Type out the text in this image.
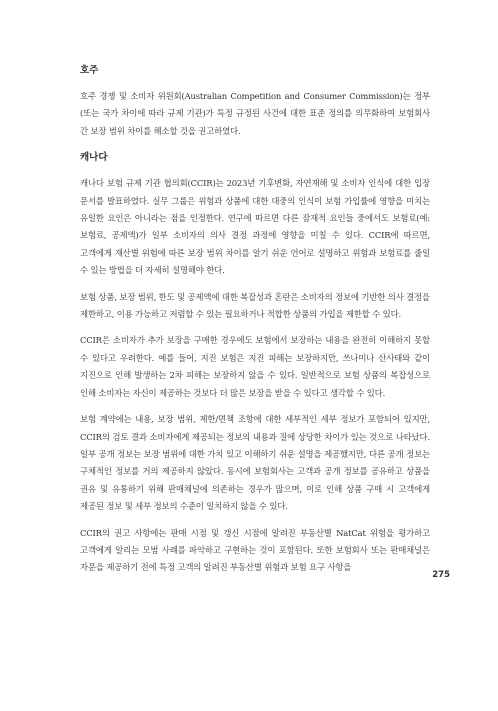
호주

호주 경쟁 및 소비자 위원회(Australian Competition and Consumer Commission)는 정부(또는 국가 차이에 따라 규제 기관)가 특정 규정된 사건에 대한 표준 정의를 의무화하여 보험회사 간 보장 범위 차이를 해소할 것을 권고하였다.

캐나다

캐나다 보험 규제 기관 협의회(CCIR)는 2023년 기후변화, 자연재해 및 소비자 인식에 대한 입장 문서를 발표하였다. 실무 그룹은 위험과 상품에 대한 대중의 인식이 보험 가입률에 영향을 미치는 유일한 요인은 아니라는 점을 인정한다. 연구에 따르면 다른 잠재적 요인들 중에서도 보험료(예: 보험료, 공제액)가 일부 소비자의 의사 결정 과정에 영향을 미칠 수 있다. CCIR에 따르면, 고객에게 재산별 위험에 따른 보장 범위 차이를 알기 쉬운 언어로 설명하고 위험과 보험료를 줄일 수 있는 방법을 더 자세히 설명해야 한다.

보험 상품, 보장 범위, 한도 및 공제액에 대한 복잡성과 혼란은 소비자의 정보에 기반한 의사 결정을 제한하고, 이용 가능하고 저렴할 수 있는 필요하거나 적합한 상품의 가입을 제한할 수 있다.

CCIR은 소비자가 추가 보장을 구매한 경우에도 보험에서 보장하는 내용을 완전히 이해하지 못할 수 있다고 우려한다. 예를 들어, 지진 보험은 지진 피해는 보장하지만, 쓰나미나 산사태와 같이 지진으로 인해 발생하는 2차 피해는 보장하지 않을 수 있다. 일반적으로 보험 상품의 복잡성으로 인해 소비자는 자신이 제공하는 것보다 더 많은 보장을 받을 수 있다고 생각할 수 있다.

보험 계약에는 내용, 보장 범위, 제한/면책 조항에 대한 세부적인 세부 정보가 포함되어 있지만, CCIR의 검토 결과 소비자에게 제공되는 정보의 내용과 질에 상당한 차이가 있는 것으로 나타났다. 일부 공개 정보는 보장 범위에 대한 가치 있고 이해하기 쉬운 설명을 제공했지만, 다른 공개 정보는 구체적인 정보를 거의 제공하지 않았다. 동시에 보험회사는 고객과 공개 정보를 공유하고 상품을 권유 및 유통하기 위해 판매채널에 의존하는 경우가 많으며, 이로 인해 상품 구매 시 고객에게 제공된 정보 및 세부 정보의 수준이 일치하지 않을 수 있다.

CCIR의 권고 사항에는 판매 시점 및 갱신 시점에 알려진 부동산별 NatCat 위험을 평가하고 고객에게 알리는 모범 사례를 파악하고 구현하는 것이 포함된다. 또한 보험회사 또는 판매채널은 자문을 제공하기 전에 특정 고객의 알려진 부동산별 위험과 보험 요구 사항을

275
